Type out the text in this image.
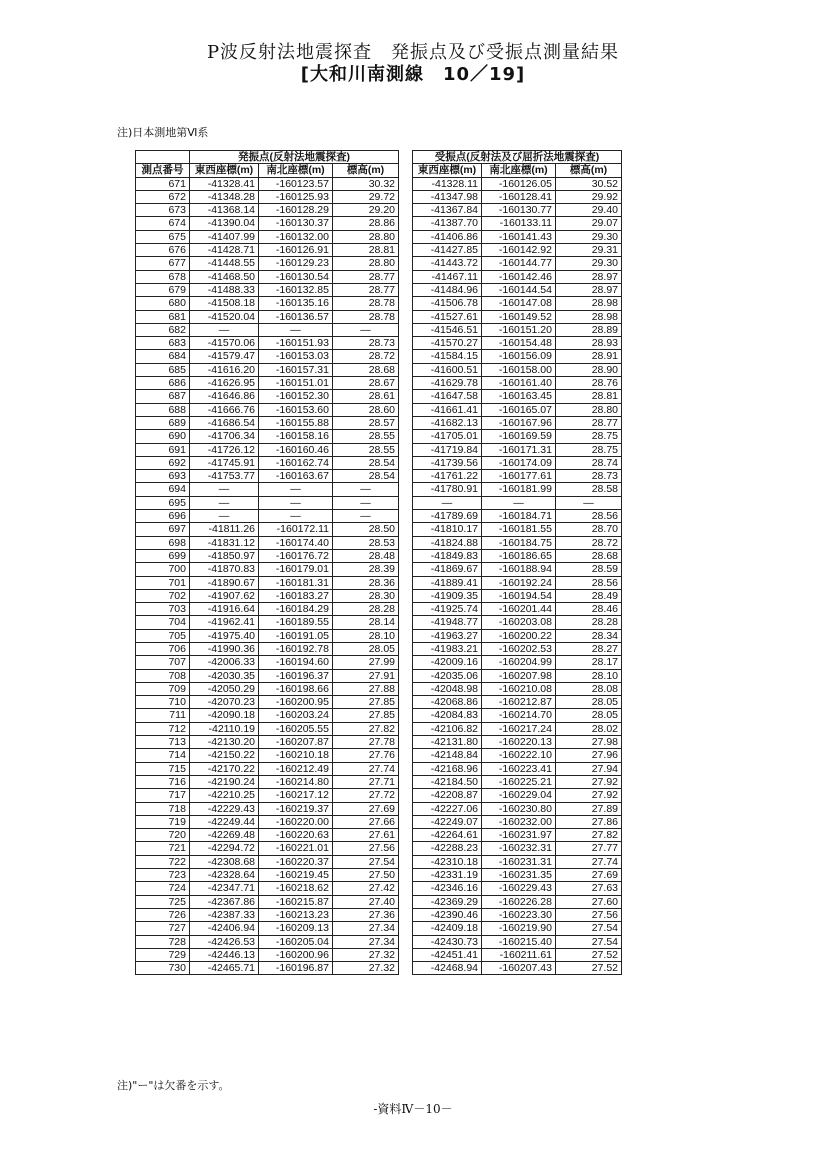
P波反射法地震探査　発振点及び受振点測量結果
[大和川南測線　10／19]
注)日本測地第Ⅵ系
	発振点(反射法地震探査)				受振点(反射法及び屈折法地震探査)		
測点番号	東西座標(m)	南北座標(m)	標高(m)		東西座標(m)	南北座標(m)	標高(m)
671	-41328.41	-160123.57	30.32		-41328.11	-160126.05	30.52
672	-41348.28	-160125.93	29.72		-41347.98	-160128.41	29.92
673	-41368.14	-160128.29	29.20		-41367.84	-160130.77	29.40
674	-41390.04	-160130.37	28.86		-41387.70	-160133.11	29.07
675	-41407.99	-160132.00	28.80		-41406.86	-160141.43	29.30
676	-41428.71	-160126.91	28.81		-41427.85	-160142.92	29.31
677	-41448.55	-160129.23	28.80		-41443.72	-160144.77	29.30
678	-41468.50	-160130.54	28.77		-41467.11	-160142.46	28.97
679	-41488.33	-160132.85	28.77		-41484.96	-160144.54	28.97
680	-41508.18	-160135.16	28.78		-41506.78	-160147.08	28.98
681	-41520.04	-160136.57	28.78		-41527.61	-160149.52	28.98
682	—	—	—		-41546.51	-160151.20	28.89
683	-41570.06	-160151.93	28.73		-41570.27	-160154.48	28.93
684	-41579.47	-160153.03	28.72		-41584.15	-160156.09	28.91
685	-41616.20	-160157.31	28.68		-41600.51	-160158.00	28.90
686	-41626.95	-160151.01	28.67		-41629.78	-160161.40	28.76
687	-41646.86	-160152.30	28.61		-41647.58	-160163.45	28.81
688	-41666.76	-160153.60	28.60		-41661.41	-160165.07	28.80
689	-41686.54	-160155.88	28.57		-41682.13	-160167.96	28.77
690	-41706.34	-160158.16	28.55		-41705.01	-160169.59	28.75
691	-41726.12	-160160.46	28.55		-41719.84	-160171.31	28.75
692	-41745.91	-160162.74	28.54		-41739.56	-160174.09	28.74
693	-41753.77	-160163.67	28.54		-41761.22	-160177.61	28.73
694	—	—	—		-41780.91	-160181.99	28.58
695	—	—	—		—	—	—
696	—	—	—		-41789.69	-160184.71	28.56
697	-41811.26	-160172.11	28.50		-41810.17	-160181.55	28.70
698	-41831.12	-160174.40	28.53		-41824.88	-160184.75	28.72
699	-41850.97	-160176.72	28.48		-41849.83	-160186.65	28.68
700	-41870.83	-160179.01	28.39		-41869.67	-160188.94	28.59
701	-41890.67	-160181.31	28.36		-41889.41	-160192.24	28.56
702	-41907.62	-160183.27	28.30		-41909.35	-160194.54	28.49
703	-41916.64	-160184.29	28.28		-41925.74	-160201.44	28.46
704	-41962.41	-160189.55	28.14		-41948.77	-160203.08	28.28
705	-41975.40	-160191.05	28.10		-41963.27	-160200.22	28.34
706	-41990.36	-160192.78	28.05		-41983.21	-160202.53	28.27
707	-42006.33	-160194.60	27.99		-42009.16	-160204.99	28.17
708	-42030.35	-160196.37	27.91		-42035.06	-160207.98	28.10
709	-42050.29	-160198.66	27.88		-42048.98	-160210.08	28.08
710	-42070.23	-160200.95	27.85		-42068.86	-160212.87	28.05
711	-42090.18	-160203.24	27.85		-42084.83	-160214.70	28.05
712	-42110.19	-160205.55	27.82		-42106.82	-160217.24	28.02
713	-42130.20	-160207.87	27.78		-42131.80	-160220.13	27.98
714	-42150.22	-160210.18	27.76		-42148.84	-160222.10	27.96
715	-42170.22	-160212.49	27.74		-42168.96	-160223.41	27.94
716	-42190.24	-160214.80	27.71		-42184.50	-160225.21	27.92
717	-42210.25	-160217.12	27.72		-42208.87	-160229.04	27.92
718	-42229.43	-160219.37	27.69		-42227.06	-160230.80	27.89
719	-42249.44	-160220.00	27.66		-42249.07	-160232.00	27.86
720	-42269.48	-160220.63	27.61		-42264.61	-160231.97	27.82
721	-42294.72	-160221.01	27.56		-42288.23	-160232.31	27.77
722	-42308.68	-160220.37	27.54		-42310.18	-160231.31	27.74
723	-42328.64	-160219.45	27.50		-42331.19	-160231.35	27.69
724	-42347.71	-160218.62	27.42		-42346.16	-160229.43	27.63
725	-42367.86	-160215.87	27.40		-42369.29	-160226.28	27.60
726	-42387.33	-160213.23	27.36		-42390.46	-160223.30	27.56
727	-42406.94	-160209.13	27.34		-42409.18	-160219.90	27.54
728	-42426.53	-160205.04	27.34		-42430.73	-160215.40	27.54
729	-42446.13	-160200.96	27.32		-42451.41	-160211.61	27.52
730	-42465.71	-160196.87	27.32		-42468.94	-160207.43	27.52
注)"ー"は欠番を示す。
-資料Ⅳ－10－
